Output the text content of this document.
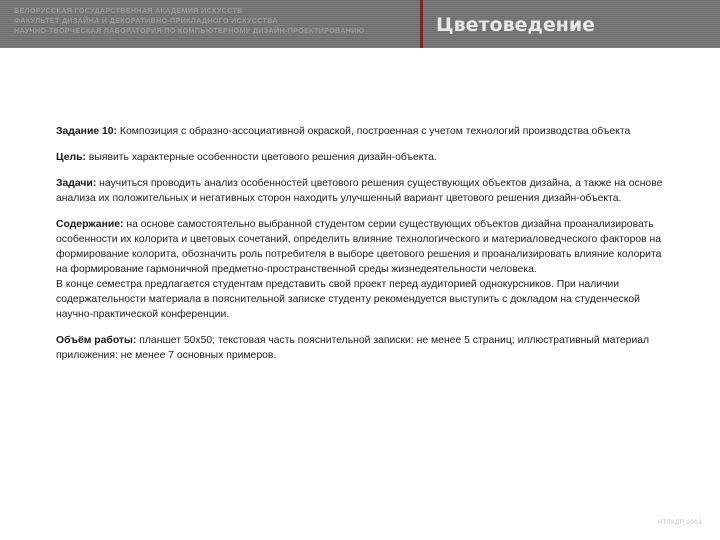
БЕЛОРУССКАЯ ГОСУДАРСТВЕННАЯ АКАДЕМИЯ ИСКУССТВ
ФАКУЛЬТЕТ ДИЗАЙНА И ДЕКОРАТИВНО-ПРИКЛАДНОГО ИСКУССТВА
НАУЧНО-ТВОРЧЕСКАЯ ЛАБОРАТОРИЯ ПО КОМПЬЮТЕРНОМУ ДИЗАЙН-ПРОЕКТИРОВАНИЮ	Цветоведение

Задание 10: Композиция с образно-ассоциативной окраской, построенная с учетом технологий производства объекта

Цель: выявить характерные особенности цветового решения дизайн-объекта.

Задачи: научиться проводить анализ особенностей цветового решения существующих объектов дизайна, а также на основе анализа их положительных и негативных сторон находить улучшенный вариант цветового решения дизайн-объекта.

Содержание: на основе самостоятельно выбранной студентом серии существующих объектов дизайна проанализировать особенности их колорита и цветовых сочетаний, определить влияние технологического и материаловедческого факторов на формирование колорита, обозначить роль потребителя в выборе цветового решения и проанализировать влияние колорита на формирование гармоничной предметно-пространственной среды жизнедеятельности человека.
В конце семестра предлагается студентам представить свой проект перед аудиторией однокурсников. При наличии содержательности материала в пояснительной записке студенту рекомендуется выступить с докладом на студенческой научно-практической конференции.

Объём работы: планшет 50х50; текстовая часть пояснительной записки: не менее 5 страниц; иллюстративный материал приложения: не менее 7 основных примеров.

НТЛКДП 2003
